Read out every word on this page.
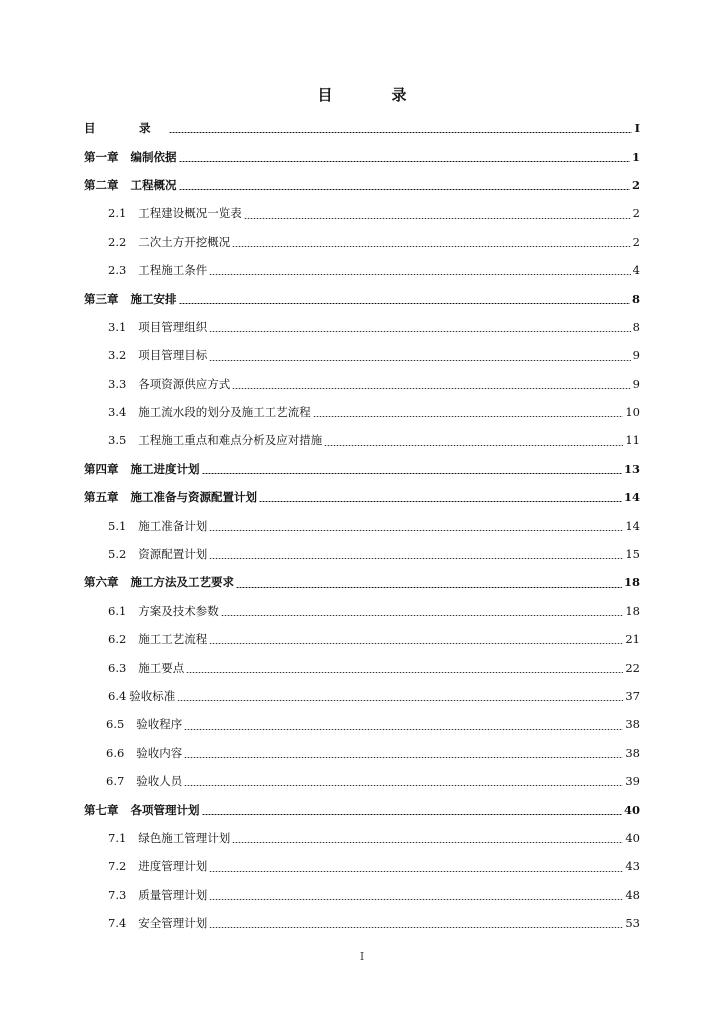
目　录
目　录	I
第一章 编制依据	1
第二章 工程概况	2
2.1 工程建设概况一览表	2
2.2 二次土方开挖概况	2
2.3 工程施工条件	4
第三章 施工安排	8
3.1 项目管理组织	8
3.2 项目管理目标	9
3.3 各项资源供应方式	9
3.4 施工流水段的划分及施工工艺流程	10
3.5 工程施工重点和难点分析及应对措施	11
第四章 施工进度计划	13
第五章 施工准备与资源配置计划	14
5.1 施工准备计划	14
5.2 资源配置计划	15
第六章 施工方法及工艺要求	18
6.1 方案及技术参数	18
6.2 施工工艺流程	21
6.3 施工要点	22
6.4 验收标准	37
6.5 验收程序	38
6.6 验收内容	38
6.7 验收人员	39
第七章 各项管理计划	40
7.1 绿色施工管理计划	40
7.2 进度管理计划	43
7.3 质量管理计划	48
7.4 安全管理计划	53
I
